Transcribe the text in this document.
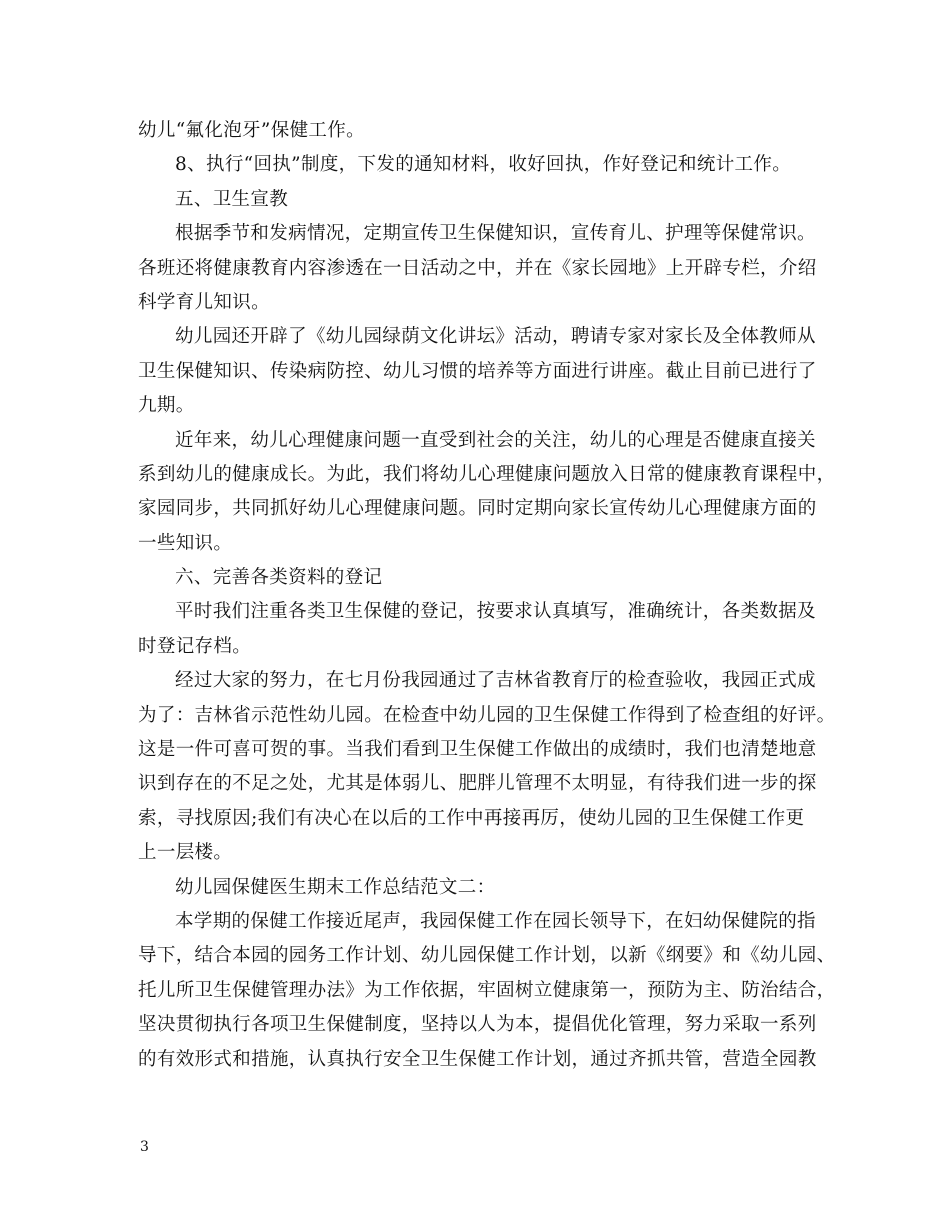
幼儿“氟化泡牙”保健工作。
8、执行“回执”制度，下发的通知材料，收好回执，作好登记和统计工作。
五、卫生宣教
根据季节和发病情况，定期宣传卫生保健知识，宣传育儿、护理等保健常识。
各班还将健康教育内容渗透在一日活动之中，并在《家长园地》上开辟专栏，介绍
科学育儿知识。
幼儿园还开辟了《幼儿园绿荫文化讲坛》活动，聘请专家对家长及全体教师从
卫生保健知识、传染病防控、幼儿习惯的培养等方面进行讲座。截止目前已进行了
九期。
近年来，幼儿心理健康问题一直受到社会的关注，幼儿的心理是否健康直接关
系到幼儿的健康成长。为此，我们将幼儿心理健康问题放入日常的健康教育课程中，
家园同步，共同抓好幼儿心理健康问题。同时定期向家长宣传幼儿心理健康方面的
一些知识。
六、完善各类资料的登记
平时我们注重各类卫生保健的登记，按要求认真填写，准确统计，各类数据及
时登记存档。
经过大家的努力，在七月份我园通过了吉林省教育厅的检查验收，我园正式成
为了：吉林省示范性幼儿园。在检查中幼儿园的卫生保健工作得到了检查组的好评。
这是一件可喜可贺的事。当我们看到卫生保健工作做出的成绩时，我们也清楚地意
识到存在的不足之处，尤其是体弱儿、肥胖儿管理不太明显，有待我们进一步的探
索，寻找原因;我们有决心在以后的工作中再接再厉，使幼儿园的卫生保健工作更
上一层楼。
幼儿园保健医生期末工作总结范文二：
本学期的保健工作接近尾声，我园保健工作在园长领导下，在妇幼保健院的指
导下，结合本园的园务工作计划、幼儿园保健工作计划，以新《纲要》和《幼儿园、
托儿所卫生保健管理办法》为工作依据，牢固树立健康第一，预防为主、防治结合，
坚决贯彻执行各项卫生保健制度，坚持以人为本，提倡优化管理，努力采取一系列
的有效形式和措施，认真执行安全卫生保健工作计划，通过齐抓共管，营造全园教
3
